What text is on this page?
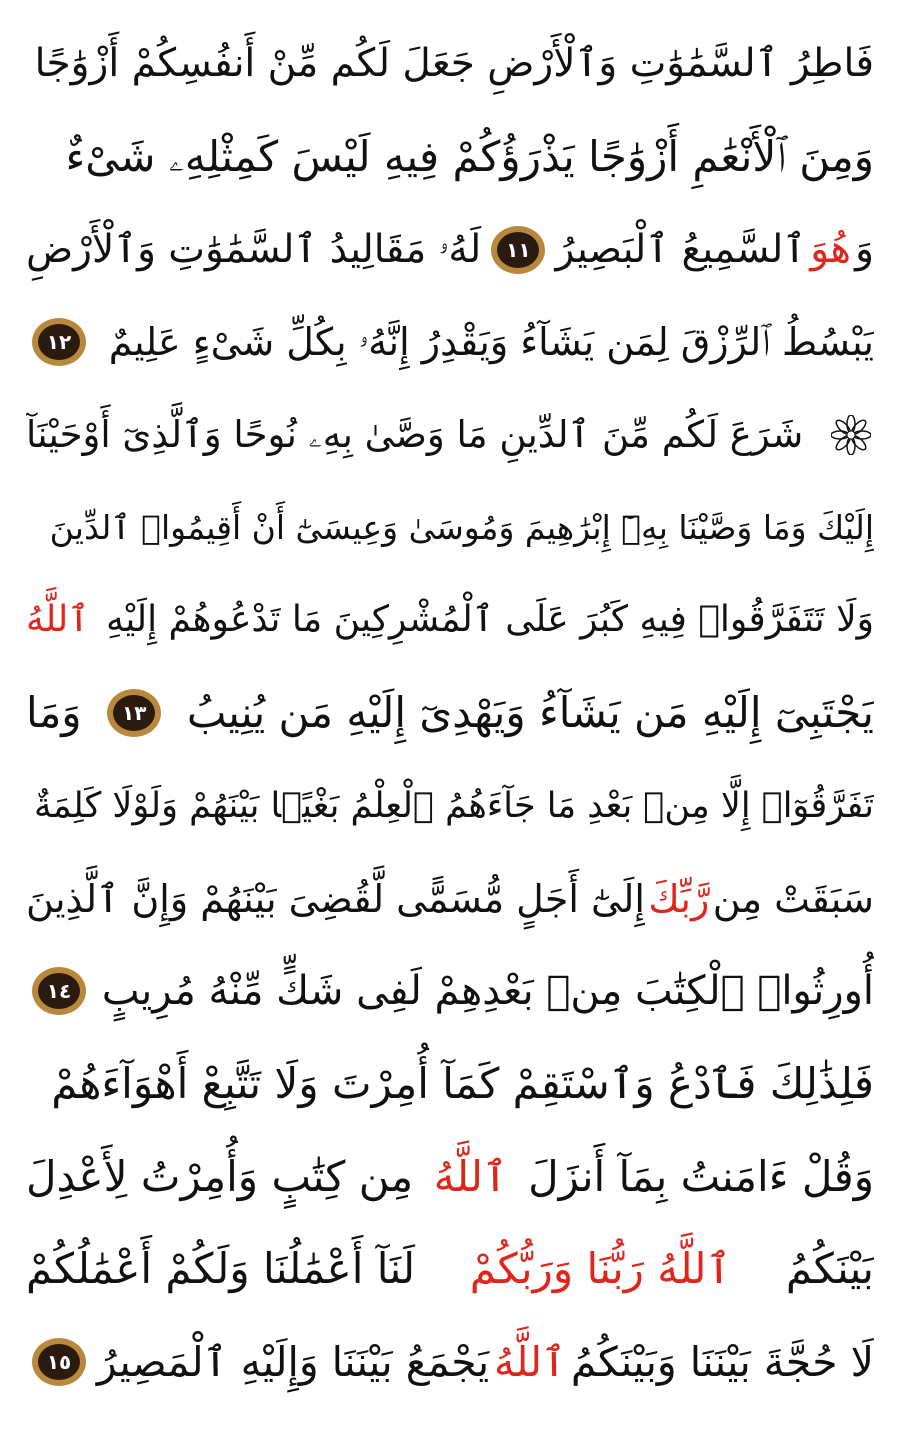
فَاطِرُ ٱلسَّمَٰوَٰتِ وَٱلْأَرْضِ جَعَلَ لَكُم مِّنْ أَنفُسِكُمْ أَزْوَٰجًا
وَمِنَ ٱلْأَنْعَٰمِ أَزْوَٰجًا يَذْرَؤُكُمْ فِيهِ لَيْسَ كَمِثْلِهِۦ شَىْءٌ
وَ
هُوَ
ٱلسَّمِيعُ ٱلْبَصِيرُ
١١
لَهُۥ مَقَالِيدُ ٱلسَّمَٰوَٰتِ وَٱلْأَرْضِ
يَبْسُطُ ٱلرِّزْقَ لِمَن يَشَآءُ وَيَقْدِرُ إِنَّهُۥ بِكُلِّ شَىْءٍ عَلِيمٌ
١٢
شَرَعَ لَكُم مِّنَ ٱلدِّينِ مَا وَصَّىٰ بِهِۦ نُوحًا وَٱلَّذِىٓ أَوْحَيْنَآ
إِلَيْكَ وَمَا وَصَّيْنَا بِهِۦٓ إِبْرَٰهِيمَ وَمُوسَىٰ وَعِيسَىٰٓ أَنْ أَقِيمُوا۟ ٱلدِّينَ
وَلَا تَتَفَرَّقُوا۟ فِيهِ كَبُرَ عَلَى ٱلْمُشْرِكِينَ مَا تَدْعُوهُمْ إِلَيْهِ
ٱللَّهُ
يَجْتَبِىٓ إِلَيْهِ مَن يَشَآءُ وَيَهْدِىٓ إِلَيْهِ مَن يُنِيبُ
١٣
وَمَا
تَفَرَّقُوٓا۟ إِلَّا مِنۢ بَعْدِ مَا جَآءَهُمُ ٱلْعِلْمُ بَغْيًۢا بَيْنَهُمْ وَلَوْلَا كَلِمَةٌ
سَبَقَتْ مِن
رَّبِّكَ
إِلَىٰٓ أَجَلٍ مُّسَمًّى لَّقُضِىَ بَيْنَهُمْ وَإِنَّ ٱلَّذِينَ
أُورِثُوا۟ ٱلْكِتَٰبَ مِنۢ بَعْدِهِمْ لَفِى شَكٍّ مِّنْهُ مُرِيبٍ
١٤
فَلِذَٰلِكَ فَٱدْعُ وَٱسْتَقِمْ كَمَآ أُمِرْتَ وَلَا تَتَّبِعْ أَهْوَآءَهُمْ
وَقُلْ ءَامَنتُ بِمَآ أَنزَلَ
ٱللَّهُ
مِن كِتَٰبٍ وَأُمِرْتُ لِأَعْدِلَ
بَيْنَكُمُ
ٱللَّهُ رَبُّنَا وَرَبُّكُمْ
لَنَآ أَعْمَٰلُنَا وَلَكُمْ أَعْمَٰلُكُمْ
لَا حُجَّةَ بَيْنَنَا وَبَيْنَكُمُ
ٱللَّهُ
يَجْمَعُ بَيْنَنَا وَإِلَيْهِ ٱلْمَصِيرُ
١٥
